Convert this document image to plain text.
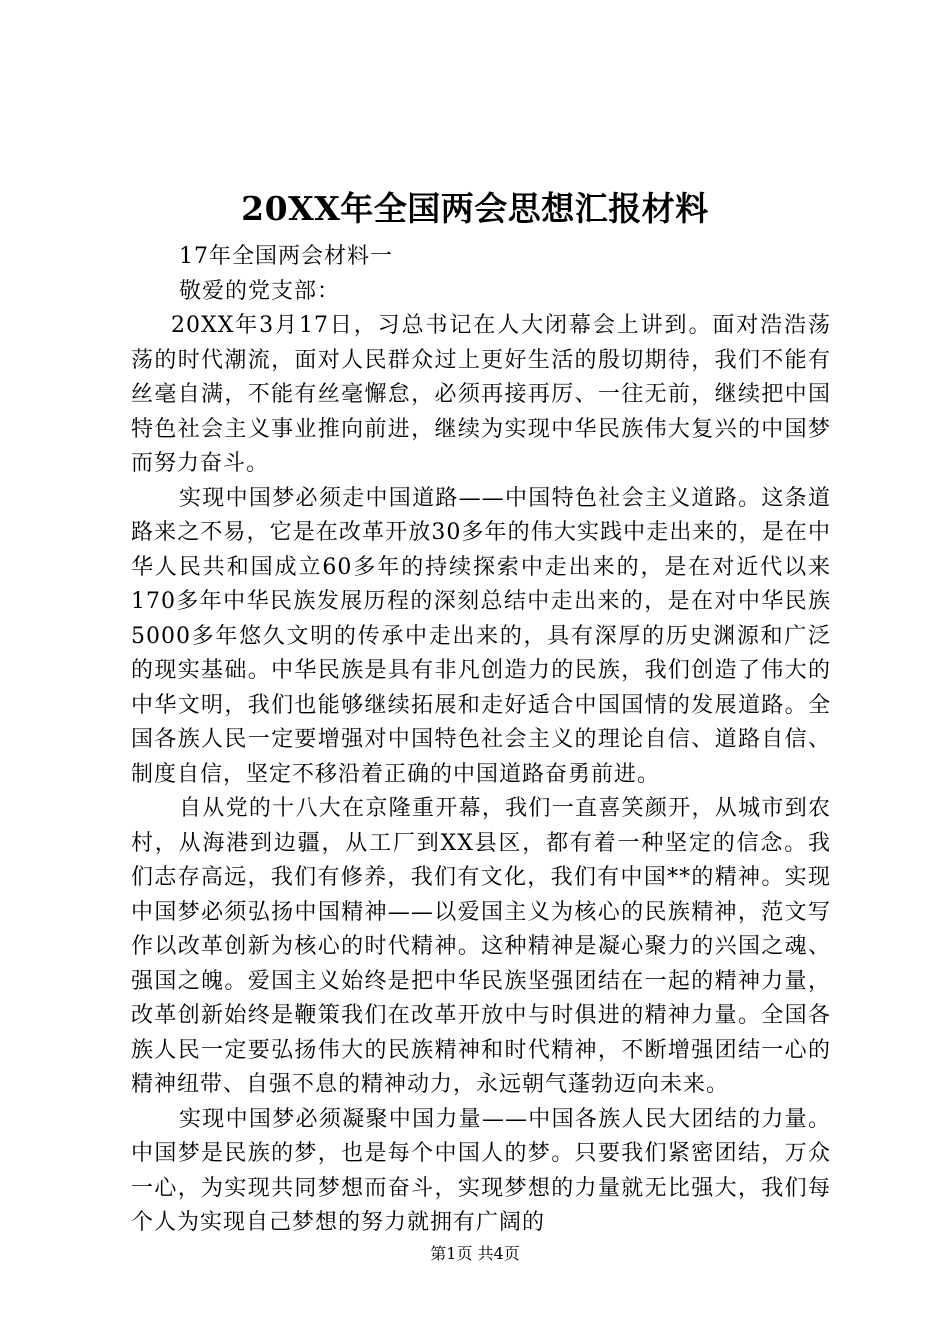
20XX年全国两会思想汇报材料

17年全国两会材料一

敬爱的党支部：

20XX年3月17日，习总书记在人大闭幕会上讲到。面对浩浩荡荡的时代潮流，面对人民群众过上更好生活的殷切期待，我们不能有丝毫自满，不能有丝毫懈怠，必须再接再厉、一往无前，继续把中国特色社会主义事业推向前进，继续为实现中华民族伟大复兴的中国梦而努力奋斗。

实现中国梦必须走中国道路——中国特色社会主义道路。这条道路来之不易，它是在改革开放30多年的伟大实践中走出来的，是在中华人民共和国成立60多年的持续探索中走出来的，是在对近代以来170多年中华民族发展历程的深刻总结中走出来的，是在对中华民族5000多年悠久文明的传承中走出来的，具有深厚的历史渊源和广泛的现实基础。中华民族是具有非凡创造力的民族，我们创造了伟大的中华文明，我们也能够继续拓展和走好适合中国国情的发展道路。全国各族人民一定要增强对中国特色社会主义的理论自信、道路自信、制度自信，坚定不移沿着正确的中国道路奋勇前进。

自从党的十八大在京隆重开幕，我们一直喜笑颜开，从城市到农村，从海港到边疆，从工厂到XX县区，都有着一种坚定的信念。我们志存高远，我们有修养，我们有文化，我们有中国**的精神。实现中国梦必须弘扬中国精神——以爱国主义为核心的民族精神，范文写作以改革创新为核心的时代精神。这种精神是凝心聚力的兴国之魂、强国之魄。爱国主义始终是把中华民族坚强团结在一起的精神力量，改革创新始终是鞭策我们在改革开放中与时俱进的精神力量。全国各族人民一定要弘扬伟大的民族精神和时代精神，不断增强团结一心的精神纽带、自强不息的精神动力，永远朝气蓬勃迈向未来。

实现中国梦必须凝聚中国力量——中国各族人民大团结的力量。中国梦是民族的梦，也是每个中国人的梦。只要我们紧密团结，万众一心，为实现共同梦想而奋斗，实现梦想的力量就无比强大，我们每个人为实现自己梦想的努力就拥有广阔的

第1页 共4页
